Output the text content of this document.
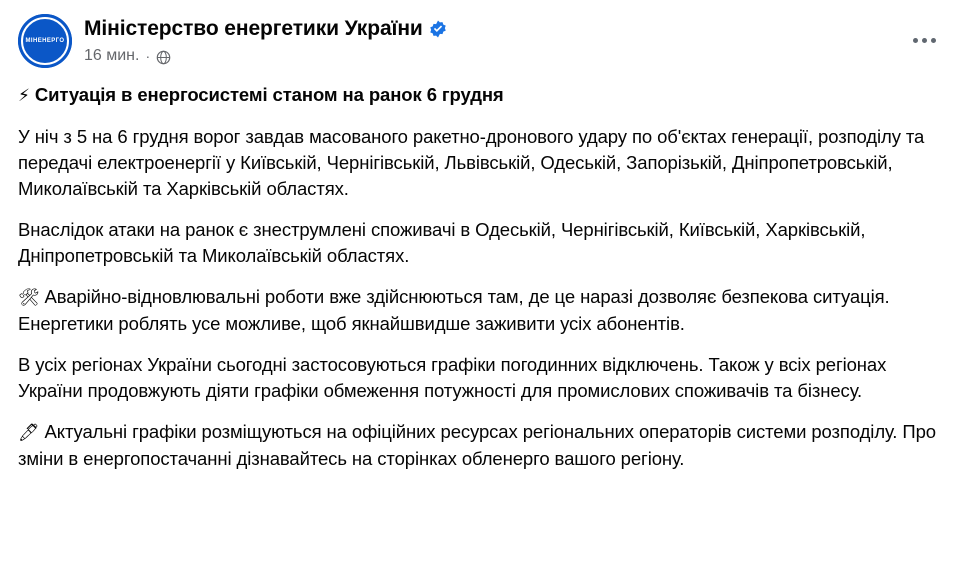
МІНЕНЕРГО
Міністерство енергетики України
16 мин. ·

⚡ Ситуація в енергосистемі станом на ранок 6 грудня

У ніч з 5 на 6 грудня ворог завдав масованого ракетно-дронового удару по об'єктах генерації, розподілу та передачі електроенергії у Київській, Чернігівській, Львівській, Одеській, Запорізькій, Дніпропетровській, Миколаївській та Харківській областях.

Внаслідок атаки на ранок є знеструмлені споживачі в Одеській, Чернігівській, Київській, Харківській, Дніпропетровській та Миколаївській областях.

🛠 Аварійно-відновлювальні роботи вже здійснюються там, де це наразі дозволяє безпекова ситуація. Енергетики роблять усе можливе, щоб якнайшвидше заживити усіх абонентів.

В усіх регіонах України сьогодні застосовуються графіки погодинних відключень. Також у всіх регіонах України продовжують діяти графіки обмеження потужності для промислових споживачів та бізнесу.

🖊 Актуальні графіки розміщуються на офіційних ресурсах регіональних операторів системи розподілу. Про зміни в енергопостачанні дізнавайтесь на сторінках обленерго вашого регіону.
